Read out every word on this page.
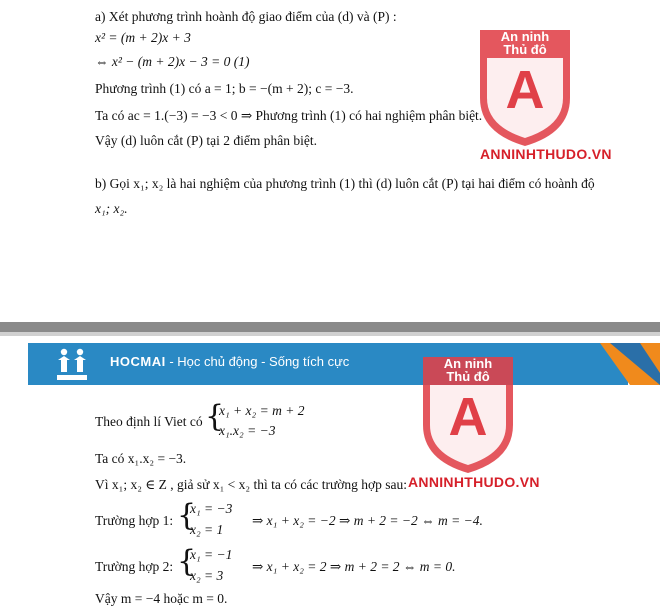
a) Xét phương trình hoành độ giao điểm của (d) và (P) :
x² = (m + 2)x + 3
⇔ x² − (m + 2)x − 3 = 0 (1)
Phương trình (1) có a = 1; b = −(m + 2); c = −3.
Ta có ac = 1.(−3) = −3 < 0 ⇒ Phương trình (1) có hai nghiệm phân biệt.
Vậy (d) luôn cắt (P) tại 2 điểm phân biệt.
b) Gọi x₁; x₂ là hai nghiệm của phương trình (1) thì (d) luôn cắt (P) tại hai điểm có hoành độ
x₁; x₂.
An ninh
Thủ đô
A
ANNINHTHUDO.VN
HOCMAI - Học chủ động - Sống tích cực	An ninh
Thủ đô
A
ANNINHTHUDO.VN
Theo định lí Viet có {
x₁ + x₂ = m + 2
x₁.x₂ = −3
Ta có x₁.x₂ = −3.
Vì x₁; x₂ ∈ Z , giả sử x₁ < x₂ thì ta có các trường hợp sau:
Trường hợp 1: {
x₁ = −3
x₂ = 1
⇒ x₁ + x₂ = −2 ⇒ m + 2 = −2 ⇔ m = −4.
Trường hợp 2: {
x₁ = −1
x₂ = 3
⇒ x₁ + x₂ = 2 ⇒ m + 2 = 2 ⇔ m = 0.
Vậy m = −4 hoặc m = 0.
